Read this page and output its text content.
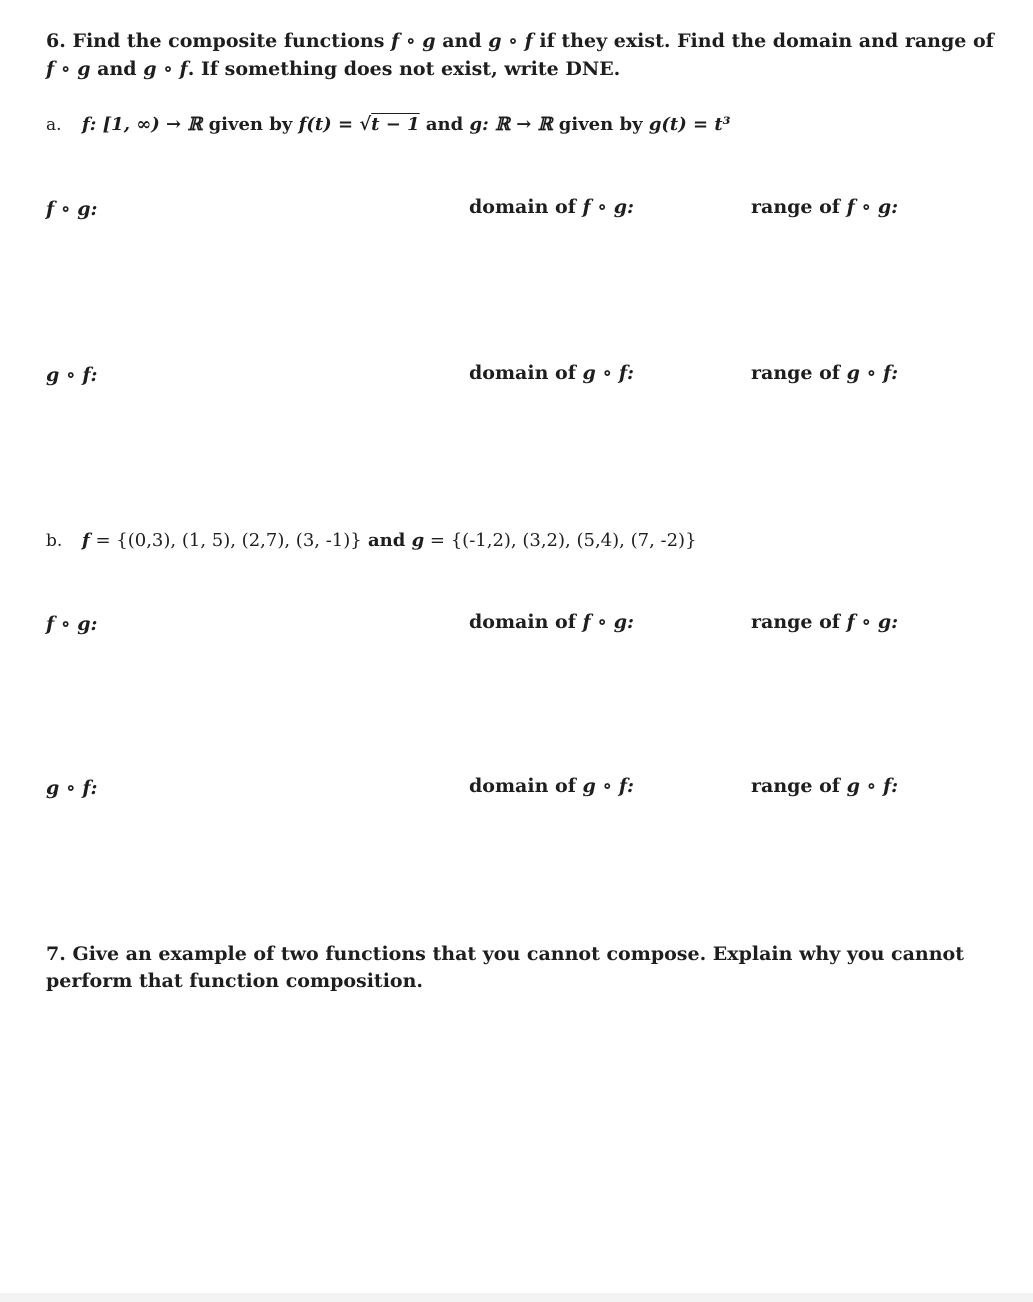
6. Find the composite functions f ∘ g and g ∘ f if they exist. Find the domain and range of
f ∘ g and g ∘ f. If something does not exist, write DNE.
a. f: [1, ∞) → ℝ given by f(t) = √t − 1 and g: ℝ → ℝ given by g(t) = t³
f ∘ g:	domain of f ∘ g:	range of f ∘ g:
g ∘ f:	domain of g ∘ f:	range of g ∘ f:
b. f = {(0,3), (1, 5), (2,7), (3, -1)} and g = {(-1,2), (3,2), (5,4), (7, -2)}
f ∘ g:	domain of f ∘ g:	range of f ∘ g:
g ∘ f:	domain of g ∘ f:	range of g ∘ f:
7. Give an example of two functions that you cannot compose. Explain why you cannot
perform that function composition.
